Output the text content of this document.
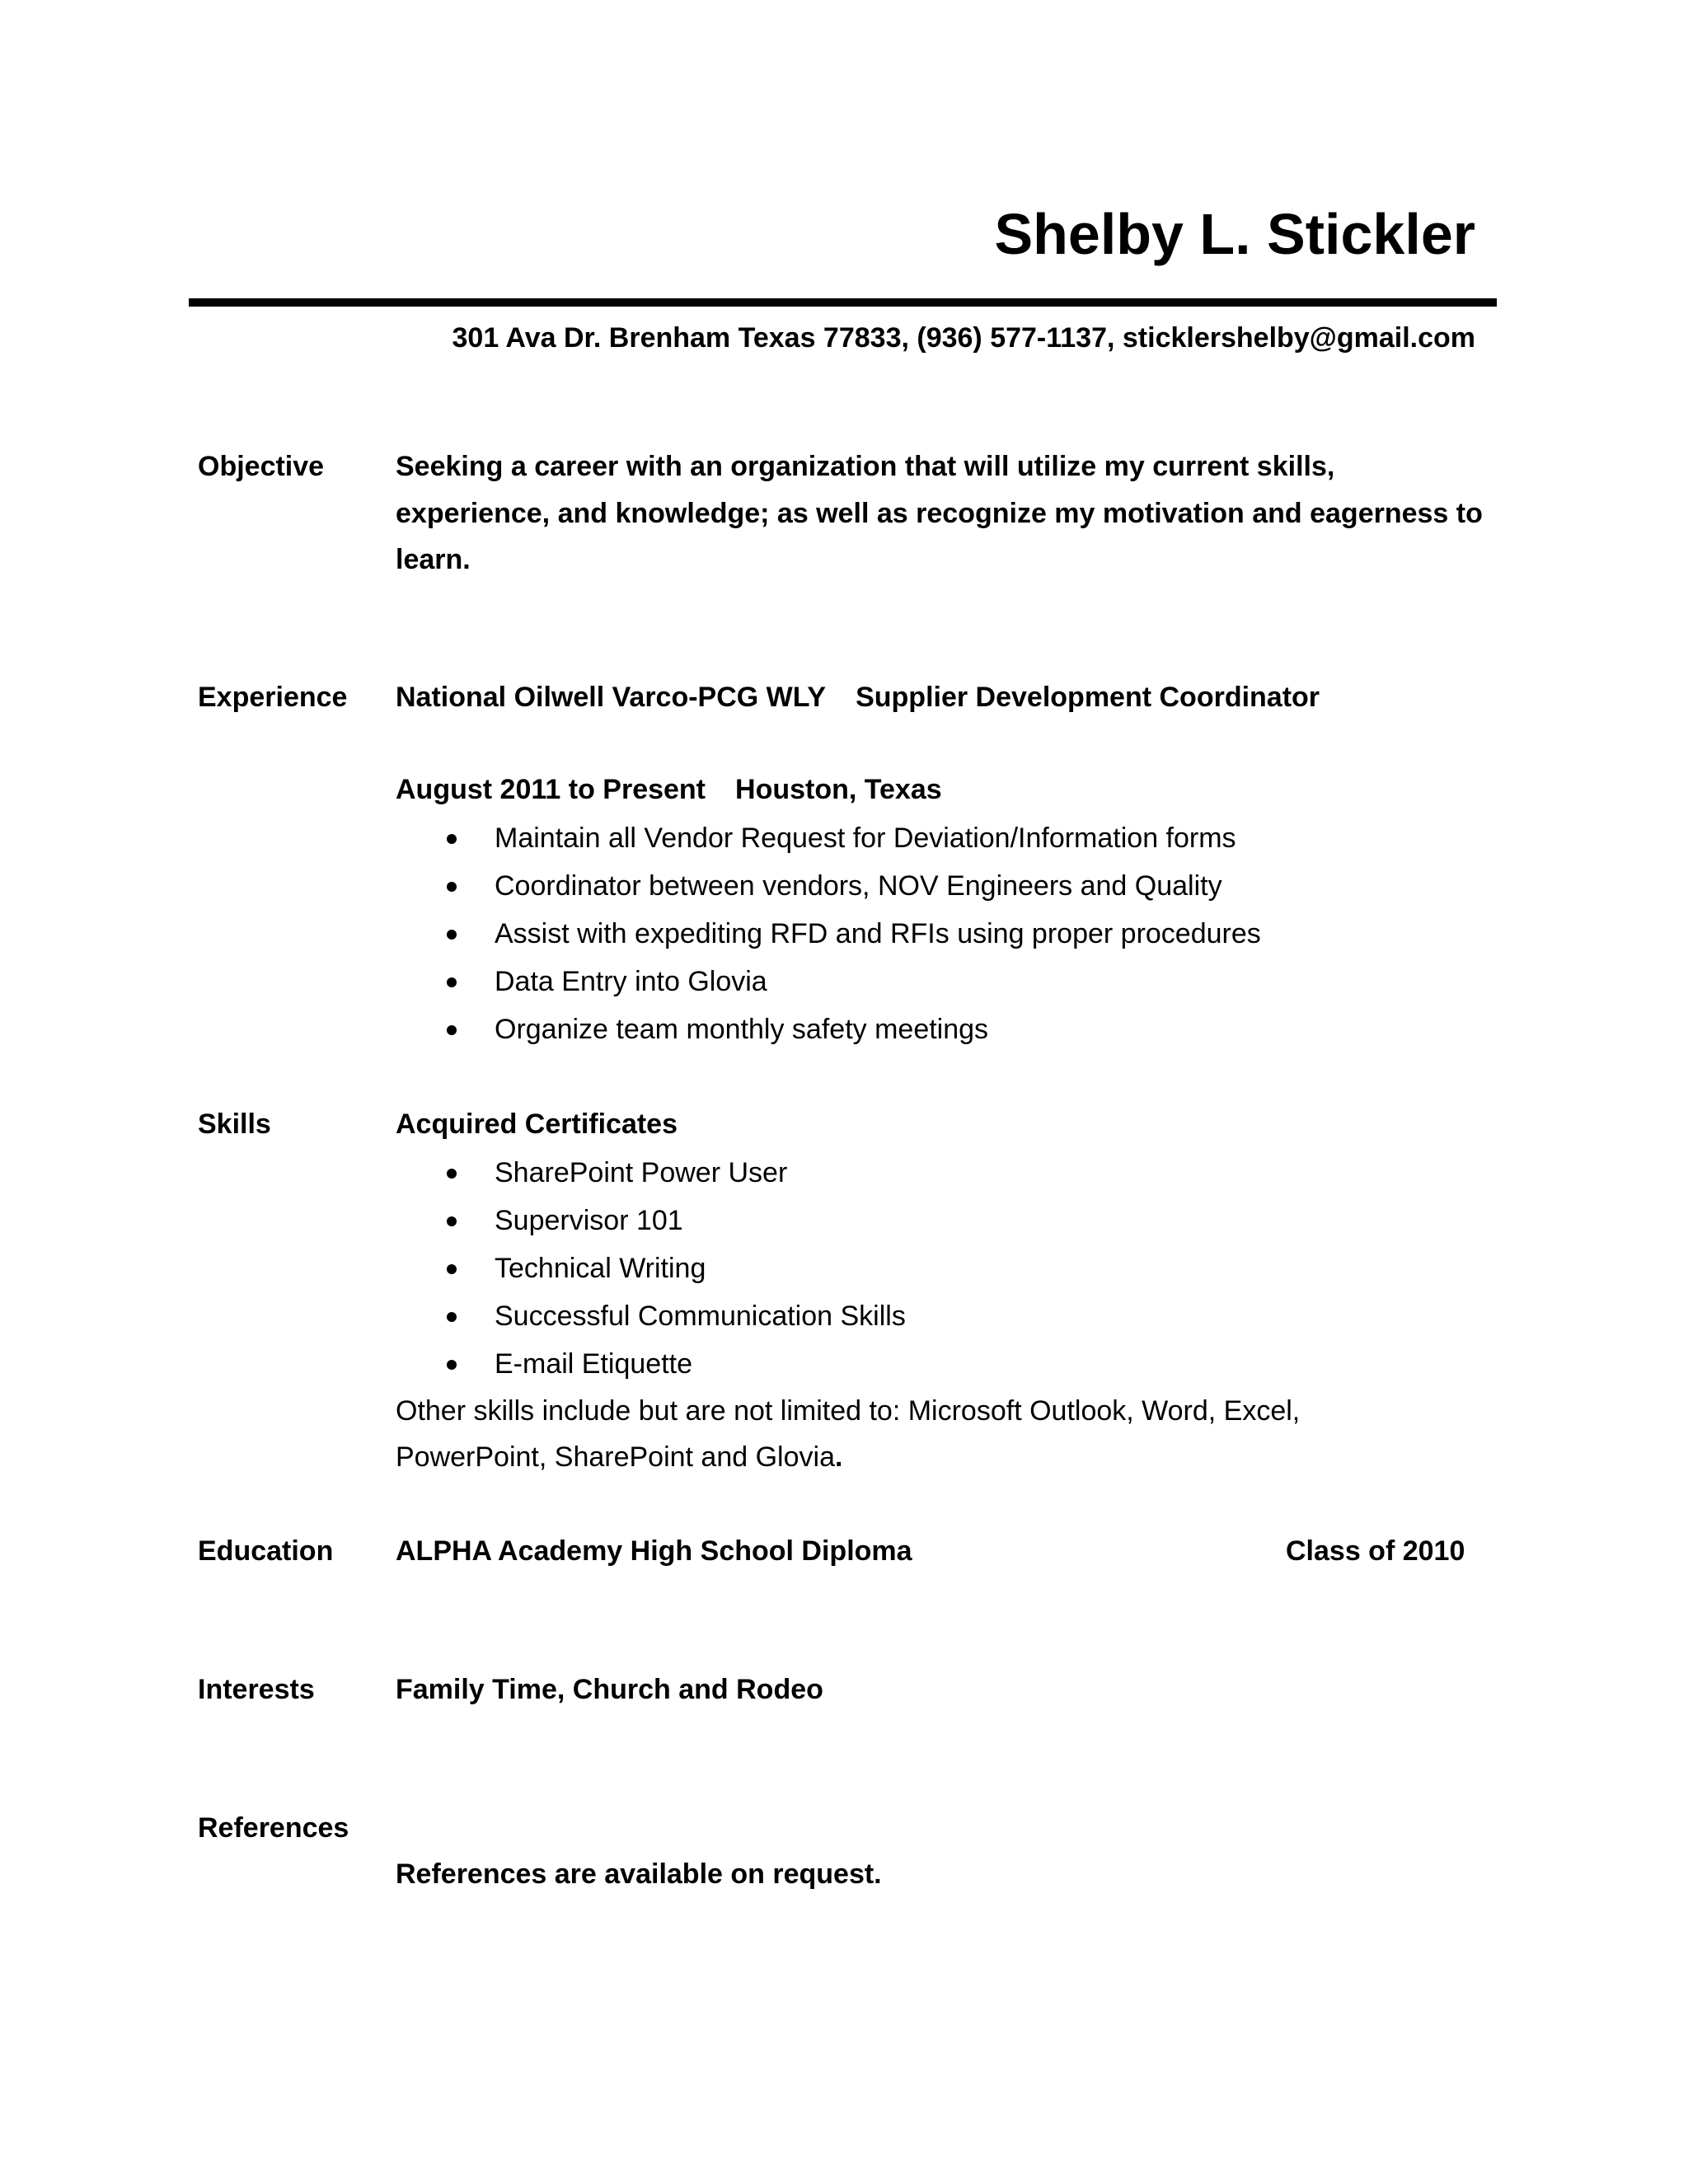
Shelby L. Stickler
301 Ava Dr. Brenham Texas 77833, (936) 577-1137, sticklershelby@gmail.com
Objective	Seeking a career with an organization that will utilize my current skills, experience, and knowledge; as well as recognize my motivation and eagerness to learn.
Experience National Oilwell Varco-PCG WLY Supplier Development Coordinator
August 2011 to Present Houston, Texas
Maintain all Vendor Request for Deviation/Information forms
Coordinator between vendors, NOV Engineers and Quality
Assist with expediting RFD and RFIs using proper procedures
Data Entry into Glovia
Organize team monthly safety meetings
Skills	Acquired Certificates
SharePoint Power User
Supervisor 101
Technical Writing
Successful Communication Skills
E-mail Etiquette
Other skills include but are not limited to: Microsoft Outlook, Word, Excel,
PowerPoint, SharePoint and Glovia.
Education ALPHA Academy High School Diploma	Class of 2010
Interests	Family Time, Church and Rodeo
References
References are available on request.
